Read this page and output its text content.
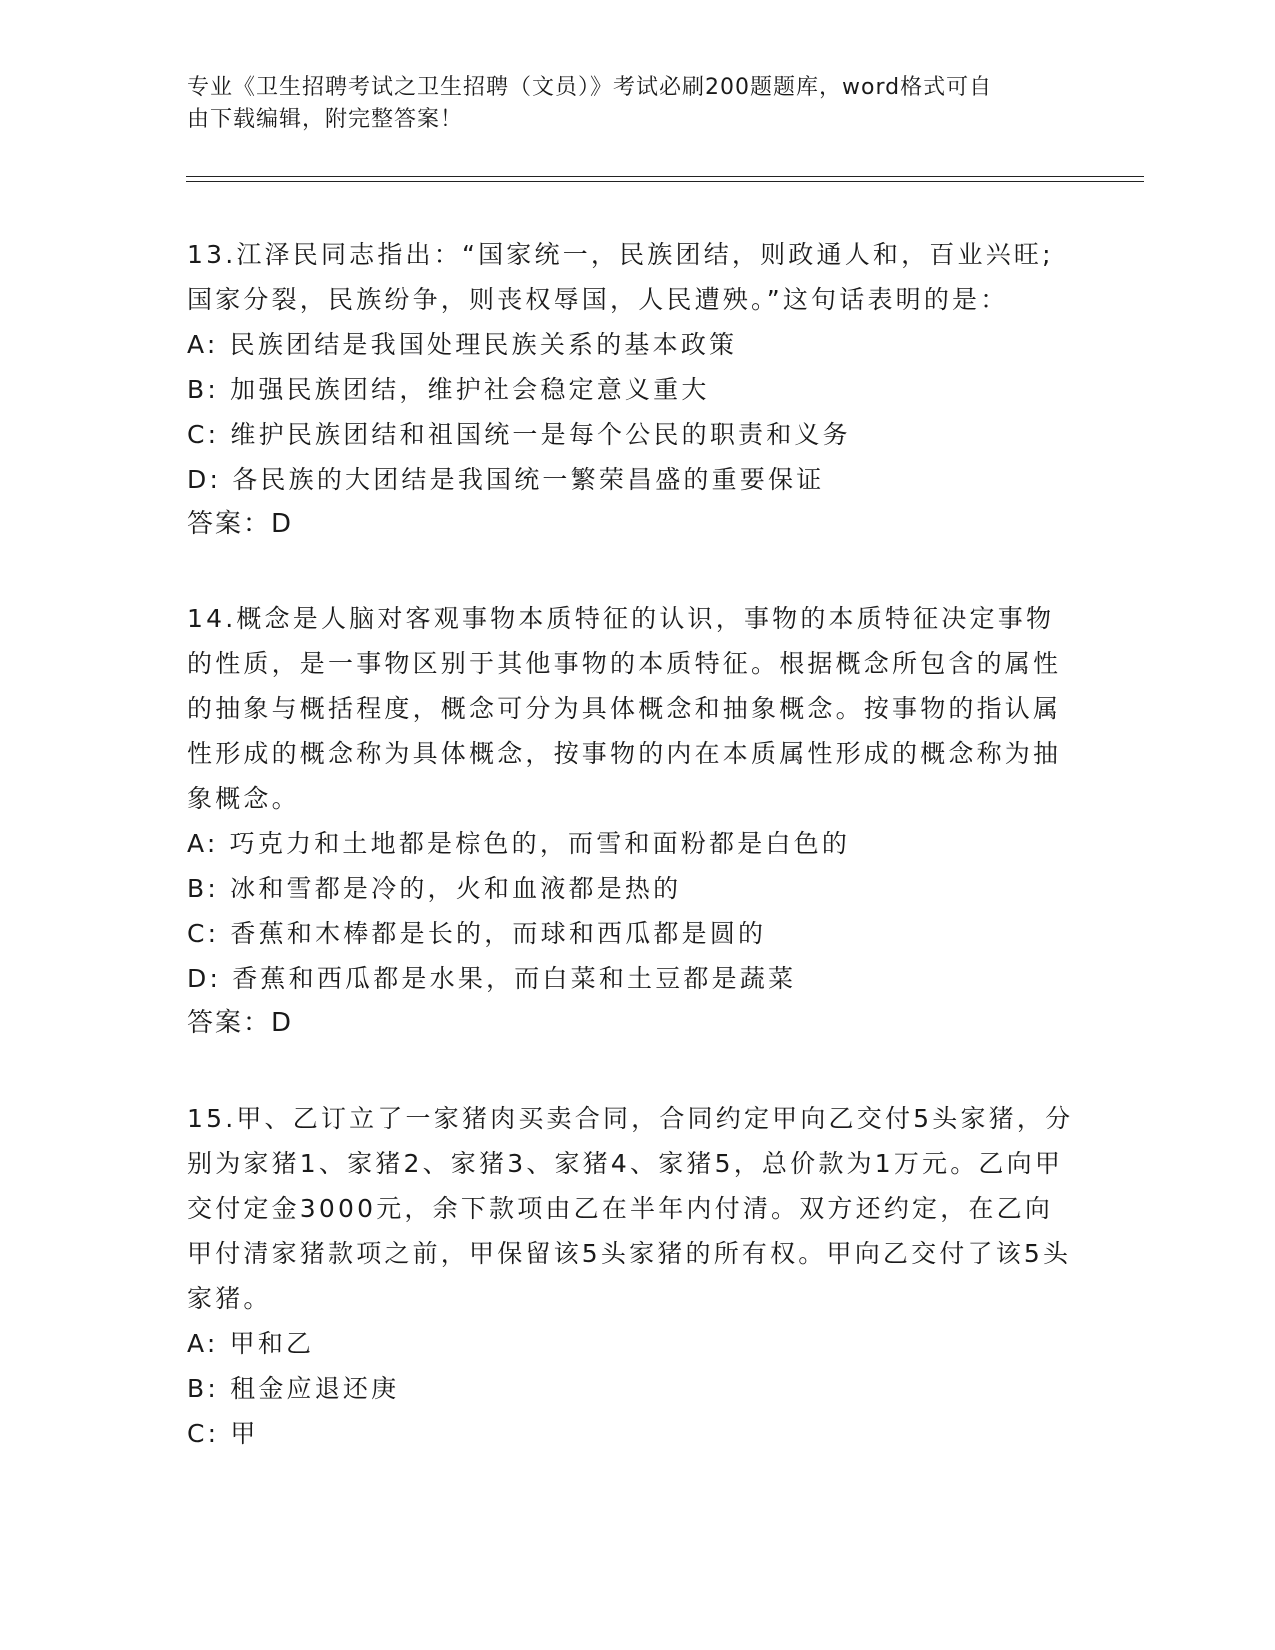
专业《卫生招聘考试之卫生招聘（文员）》考试必刷200题题库，word格式可自

由下载编辑，附完整答案！

13.江泽民同志指出：“国家统一，民族团结，则政通人和，百业兴旺;国家分裂，民族纷争，则丧权辱国，人民遭殃。”这句话表明的是：

A: 民族团结是我国处理民族关系的基本政策

B: 加强民族团结，维护社会稳定意义重大

C: 维护民族团结和祖国统一是每个公民的职责和义务

D: 各民族的大团结是我国统一繁荣昌盛的重要保证

答案：D

14.概念是人脑对客观事物本质特征的认识，事物的本质特征决定事物的性质，是一事物区别于其他事物的本质特征。根据概念所包含的属性的抽象与概括程度，概念可分为具体概念和抽象概念。按事物的指认属性形成的概念称为具体概念，按事物的内在本质属性形成的概念称为抽象概念。

A: 巧克力和土地都是棕色的，而雪和面粉都是白色的

B: 冰和雪都是冷的，火和血液都是热的

C: 香蕉和木棒都是长的，而球和西瓜都是圆的

D: 香蕉和西瓜都是水果，而白菜和土豆都是蔬菜

答案：D

15.甲、乙订立了一家猪肉买卖合同，合同约定甲向乙交付5头家猪，分别为家猪1、家猪2、家猪3、家猪4、家猪5，总价款为1万元。乙向甲交付定金3000元，余下款项由乙在半年内付清。双方还约定，在乙向甲付清家猪款项之前，甲保留该5头家猪的所有权。甲向乙交付了该5头家猪。

A: 甲和乙

B: 租金应退还庚

C: 甲
